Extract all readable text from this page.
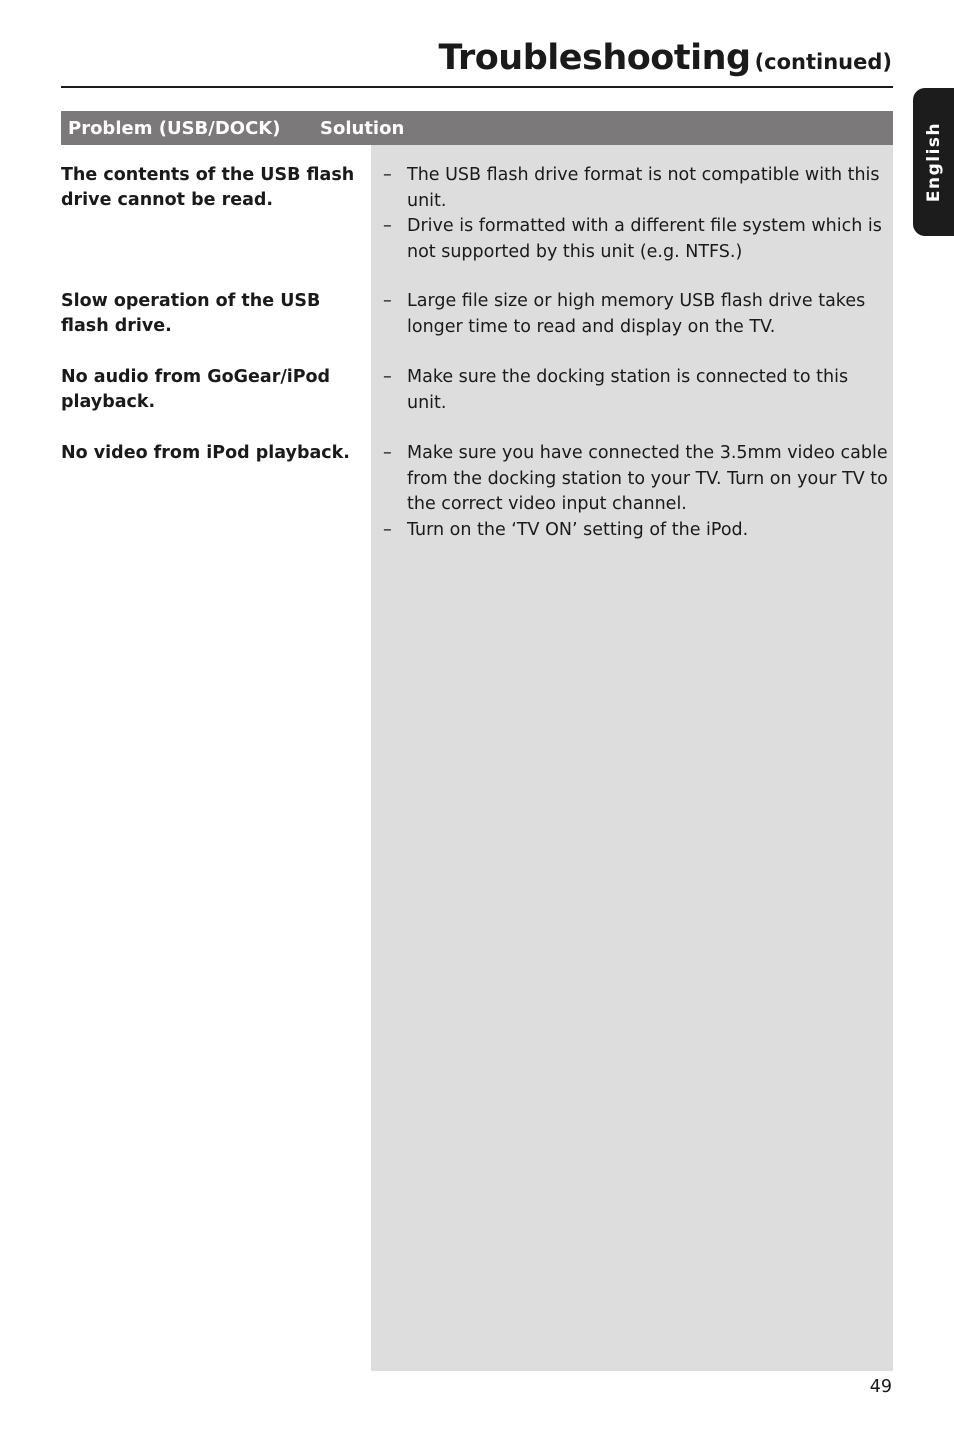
Troubleshooting (continued)
Problem (USB/DOCK) Solution
The contents of the USB flash drive cannot be read.
– The USB flash drive format is not compatible with this unit.
– Drive is formatted with a different file system which is not supported by this unit (e.g. NTFS.)
Slow operation of the USB flash drive.
– Large file size or high memory USB flash drive takes longer time to read and display on the TV.
No audio from GoGear/iPod playback.
– Make sure the docking station is connected to this unit.
No video from iPod playback.	– Make sure you have connected the 3.5mm video cable from the docking station to your TV. Turn on your TV to the correct video input channel.
– Turn on the ‘TV ON’ setting of the iPod.
English
49
